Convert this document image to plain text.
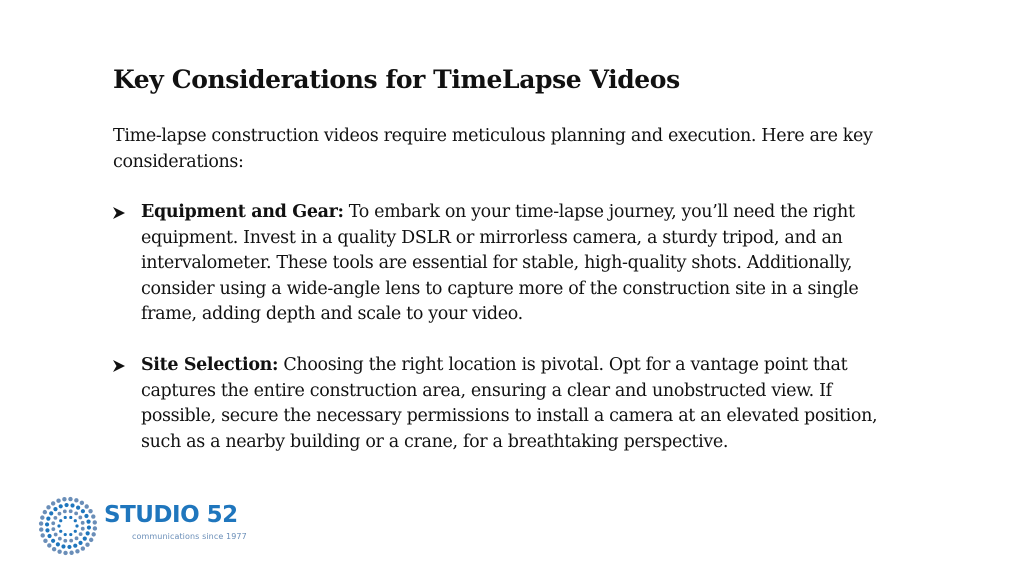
Key Considerations for TimeLapse Videos

Time-lapse construction videos require meticulous planning and execution. Here are key considerations:

Equipment and Gear: To embark on your time-lapse journey, you’ll need the right equipment. Invest in a quality DSLR or mirrorless camera, a sturdy tripod, and an intervalometer. These tools are essential for stable, high-quality shots. Additionally, consider using a wide-angle lens to capture more of the construction site in a single frame, adding depth and scale to your video.
Site Selection: Choosing the right location is pivotal. Opt for a vantage point that captures the entire construction area, ensuring a clear and unobstructed view. If possible, secure the necessary permissions to install a camera at an elevated position, such as a nearby building or a crane, for a breathtaking perspective.
STUDIO 52
communications since 1977
